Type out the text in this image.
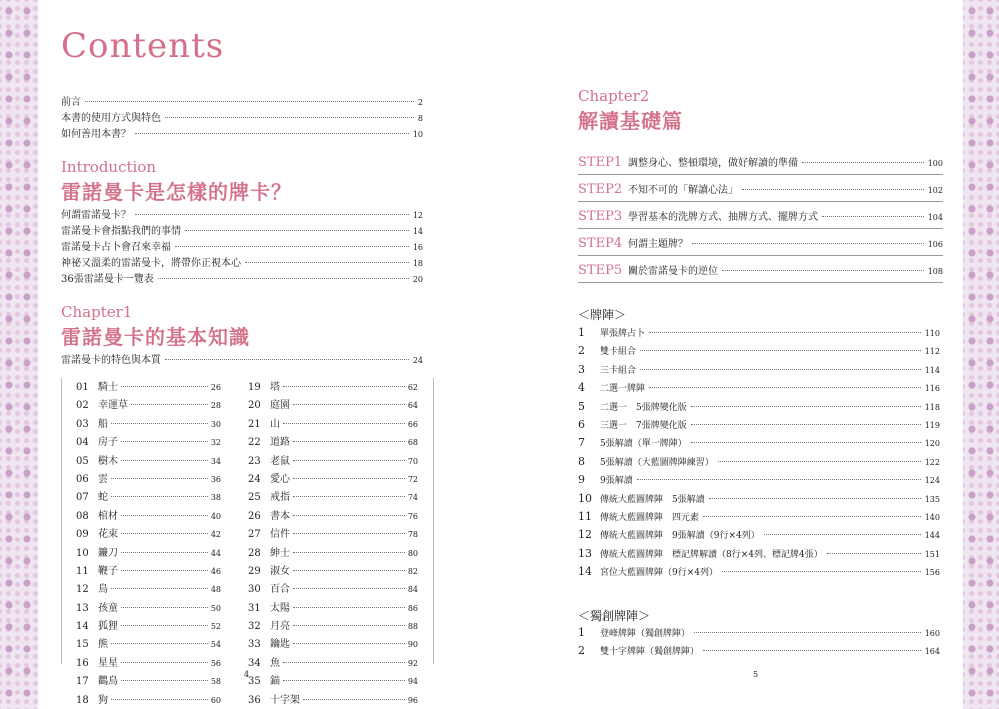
Contents
前言	2
本書的使用方式與特色	8
如何善用本書？	10
Introduction
雷諾曼卡是怎樣的牌卡？
何謂雷諾曼卡？	12
雷諾曼卡會指點我們的事情	14
雷諾曼卡占卜會召來幸福	16
神祕又溫柔的雷諾曼卡，將帶你正視本心	18
36張雷諾曼卡一覽表	20
Chapter1
雷諾曼卡的基本知識
雷諾曼卡的特色與本質	24
01 騎士	26
02 幸運草	28
03 船	30
04 房子	32
05 樹木	34
06 雲	36
07 蛇	38
08 棺材	40
09 花束	42
10 鐮刀	44
11 鞭子	46
12 鳥	48
13 孩童	50
14 狐狸	52
15 熊	54
16 星星	56
17 鸛鳥	58
18 狗	60
19 塔	62
20 庭園	64
21 山	66
22 道路	68
23 老鼠	70
24 愛心	72
25 戒指	74
26 書本	76
27 信件	78
28 紳士	80
29 淑女	82
30 百合	84
31 太陽	86
32 月亮	88
33 鑰匙	90
34 魚	92
35 錨	94
36 十字架	96
4
Chapter2
解讀基礎篇
STEP1 調整身心、整頓環境，做好解讀的準備	100
STEP2 不知不可的「解讀心法」	102
STEP3 學習基本的洗牌方式、抽牌方式、擺牌方式	104
STEP4 何謂主題牌？	106
STEP5 關於雷諾曼卡的逆位	108
＜牌陣＞
1	單張牌占卜	110
2	雙卡組合	112
3	三卡組合	114
4	二選一牌陣	116
5	二選一　5張牌變化版	118
6	三選一　7張牌變化版	119
7	5張解讀（單一牌陣）	120
8	5張解讀（大藍圖牌陣練習）	122
9	9張解讀	124
10 傳統大藍圖牌陣　5張解讀	135
11 傳統大藍圖牌陣　四元素	140
12 傳統大藍圖牌陣　9張解讀（9行×4列）	144
13 傳統大藍圖牌陣　標記牌解讀（8行×4列、標記牌4張）	151
14 宮位大藍圖牌陣（9行×4列）	156
＜獨創牌陣＞
1	登峰牌陣（獨創牌陣）	160
2	雙十字牌陣（獨創牌陣）	164
5
